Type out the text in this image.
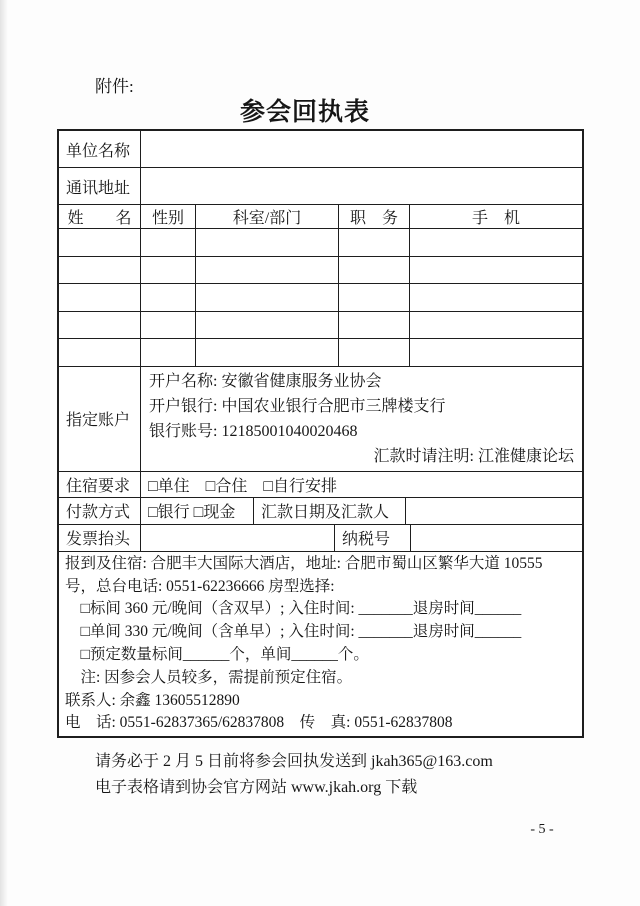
附件:
参会回执表
单位名称
通讯地址
姓　　名	性别	科室/部门	职　务	手　机
指定账户
开户名称: 安徽省健康服务业协会
开户银行: 中国农业银行合肥市三牌楼支行
银行账号: 12185001040020468
汇款时请注明: 江淮健康论坛
住宿要求	□单住    □合住    □自行安排
付款方式	□银行 □现金	汇款日期及汇款人
发票抬头	纳税号
报到及住宿: 合肥丰大国际大酒店，地址: 合肥市蜀山区繁华大道 10555
号，总台电话: 0551-62236666 房型选择:
　□标间 360 元/晚间（含双早）; 入住时间: _______退房时间______
　□单间 330 元/晚间（含单早）; 入住时间: _______退房时间______
　□预定数量标间______个，单间______个。
　注: 因参会人员较多，需提前预定住宿。
联系人: 余鑫 13605512890
电　话: 0551-62837365/62837808　传　真: 0551-62837808
请务必于 2 月 5 日前将参会回执发送到 jkah365@163.com
电子表格请到协会官方网站 www.jkah.org 下载
- 5 -
